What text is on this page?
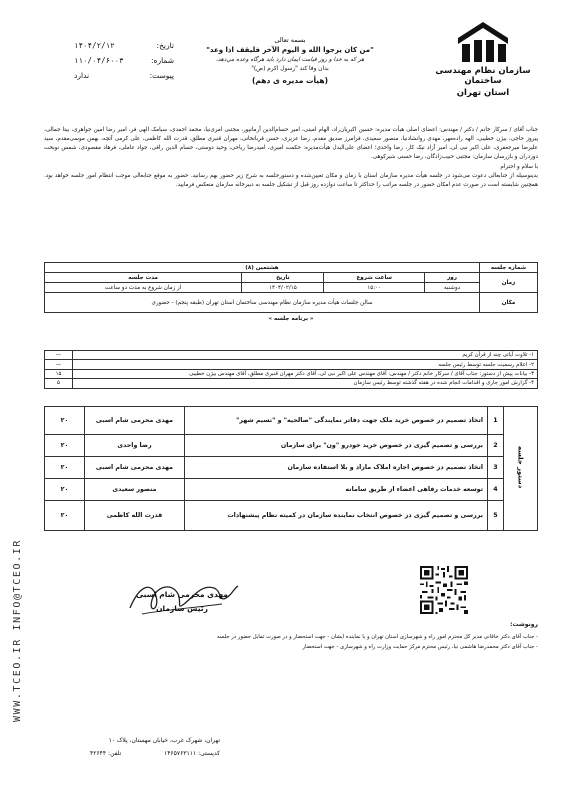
WWW.TCEO.IR INFO@TCEO.IR
سازمان نظام مهندسی ساختمان
استان تهران
بسمه تعالی
"من كان يرجوا الله و اليوم الآخر فليقف اذا وعد"
هر كه به خدا و روز قيامت ايمان دارد بايد هرگاه وعده مي‌دهد،
بدان وفا كند "رسول اكرم (ص)"
(هيأت مديره ی دهم)
تاریخ:
۱۴۰۴/۲/۱۲
شماره:
۱۱۰/۰۴/۶۰۰۳
پیوست:
ندارد

جناب آقای / سرکار خانم / دکتر / مهندس: اعضای اصلی هیأت مدیره: حسین اکبریان‌راد، الهام امینی، امیر حسام‌الدین آرمانپور، مجتبی امری‌نیا، محمد احمدی، سیامک الهی فر، امیر رضا امین جواهری، بیتا جمالی، پیروز حاجی، بیژن خطیبی، الهه راده‌مهر، مهدی روانشادنیا، منصور سعیدی، فرامرز صدیق مقدم، رضا عزیزی، حسن قربانخانی، مهران قنبری مطلق، قدرت الله کاظمی، علی کرمی آتچه، بهمن موسی‌مقدم، سید علیرضا میرجعفری، علی اکبر نبی لی، امیر آزاد نیک کار، رضا واحدی؛ اعضای علی‌البدل هیأت‌مدیره: حکمت امیری، امیدرضا ریاحی، وحید دوستی، حسام الدین راقی، جواد عاملی، فرهاد مقصودی، شمس نوبخت دوردران و بازرسان سازمان: مجتبی حبیب‌زادگان، رضا حسنی شیرکوهی.

با سلام و احترام

بدینوسیله از جنابعالی دعوت می‌شود در جلسه هیأت مدیره سازمان استان با زمان و مکان تعیین‌شده و دستورجلسه به شرح زیر حضور بهم رسانید. حضور به موقع جنابعالی موجب انتظام امور جلسه خواهد بود. همچنین شایسته است در صورت عدم امکان حضور در جلسه مراتب را حداکثر تا ساعت دوازده روز قبل از تشکیل جلسه به دبیرخانه سازمان منعکس فرمایید.

شماره جلسه	هشتمین (۸)			
زمان	روز	ساعت شروع	تاریخ	مدت جلسه
	دوشنبه	۱۵:۰۰	۱۴۰۴/۰۲/۱۵	از زمان شروع به مدت دو ساعت
مکان	سالن جلسات هیأت مدیره سازمان نظام مهندسی ساختمان استان تهران (طبقه پنجم) - حضوری			
« برنامه جلسه »				
۱- تلاوت آیاتی چند از قرآن کریم	—
۲- اعلام رسمیت جلسه توسط رئیس جلسه	—
۳- بیانات پیش از دستور: جناب آقای / سرکار خانم دکتر / مهندس: آقای مهندس علی اکبر نبی لی، آقای دکتر مهران قنبری مطلق، آقای مهندس بیژن خطیبی	۱۵
۴- گزارش امور جاری و اقدامات انجام شده در هفته گذشته توسط رئیس سازمان	۵
دستور جلسه	1	اتخاذ تصمیم در خصوص خرید ملک جهت دفاتر نمایندگی "صالحیه" و "نسیم شهر"	مهدی محرمی شام اسبی	۲۰
	2	بررسی و تصمیم گیری در خصوص خرید خودرو "ون" برای سازمان	رضا واحدی	۲۰
	3	اتخاذ تصمیم در خصوص اجاره املاک مازاد و بلا استفاده سازمان	مهدی محرمی شام اسبی	۲۰
	4	توسعه خدمات رفاهی اعضاء از طریق سامانه	منصور سعیدی	۲۰
	5	بررسی و تصمیم گیری در خصوص انتخاب نماینده سازمان در کمیته نظام پیشنهادات	قدرت الله کاظمی	۲۰
مهدی محرمی شام اسبی
رئیس سازمان
رونوشت:
- جناب آقای دکتر خاقانی مدیر کل محترم امور راه و شهرسازی استان تهران و یا نماینده ایشان - جهت استحضار و در صورت تمایل حضور در جلسه
- جناب آقای دکتر محمدرضا هاشمی نیا، رئیس محترم مرکز حمایت وزارت راه و شهرسازی - جهت استحضار
تهران، شهرک غرب، خیابان مهستان، پلاک ۱۰
کدپستی: ۱۴۶۵۷۶۳۱۱۱
تلفن: ۴۲۶۴۴
